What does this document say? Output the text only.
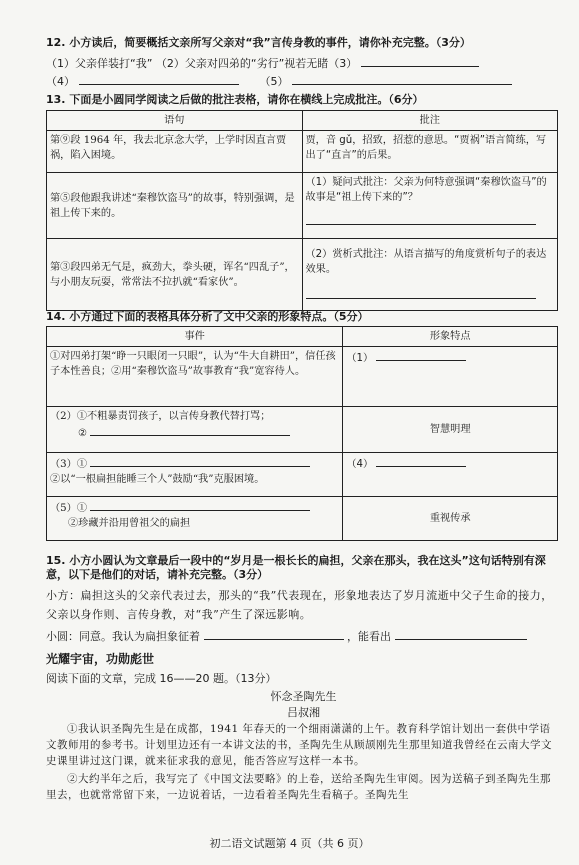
12. 小方读后，简要概括文亲所写父亲对“我”言传身教的事件，请你补充完整。（3分）
（1）父亲佯装打“我” （2）父亲对四弟的“劣行”视若无睹（3）
（4）	（5）
13. 下面是小圆同学阅读之后做的批注表格，请你在横线上完成批注。（6分）
语句	批注
第⑨段 1964 年，我去北京念大学，上学时因直言贾祸，陷入困境。	贾，音 gǔ，招致，招惹的意思。“贾祸”语言简练，写出了“直言”的后果。
第⑤段他跟我讲述“秦穆饮盗马”的故事，特别强调，是祖上传下来的。	（1）疑问式批注：父亲为何特意强调“秦穆饮盗马”的故事是“祖上传下来的”？

第③段四弟无气是，疯劲大，拳头硬，诨名“四乱子”，与小朋友玩耍，常常法不拉扒就“看家伙”。	（2）赏析式批注：从语言描写的角度赏析句子的表达效果。
14. 小方通过下面的表格具体分析了文中父亲的形象特点。（5分）
事件	形象特点
①对四弟打架“睁一只眼闭一只眼”，认为“牛大自耕田”，信任孩子本性善良；②用“秦穆饮盗马”故事教育“我”宽容待人。	（1）

（2）①不粗暴责罚孩子，以言传身教代替打骂；
②	智慧明理

（3）①
②以“一根扁担能睡三个人”鼓励“我”克服困境。	（4）

（5）①
②珍藏并沿用曾祖父的扁担	重视传承
15. 小方小圆认为文章最后一段中的“岁月是一根长长的扁担，父亲在那头，我在这头”这句话特别有深意，以下是他们的对话，请补充完整。（3分）
小方：扁担这头的父亲代表过去，那头的“我”代表现在，形象地表达了岁月流逝中父子生命的接力，父亲以身作则、言传身教，对“我”产生了深远影响。
小圆：同意。我认为扁担象征着	，能看出
光耀宇宙，功勋彪世
阅读下面的文章，完成 16——20 题。（13分）
怀念圣陶先生
吕叔湘
①我认识圣陶先生是在成都，1941 年春天的一个细雨潇潇的上午。教育科学馆计划出一套供中学语文教师用的参考书。计划里边还有一本讲文法的书，圣陶先生从顾颉刚先生那里知道我曾经在云南大学文史课里讲过这门课，就来征求我的意见，能否答应写这样一本书。
②大约半年之后，我写完了《中国文法要略》的上卷，送给圣陶先生审阅。因为送稿子到圣陶先生那里去，也就常常留下来，一边说着话，一边看着圣陶先生看稿子。圣陶先生
初二语文试题第 4 页（共 6 页）
